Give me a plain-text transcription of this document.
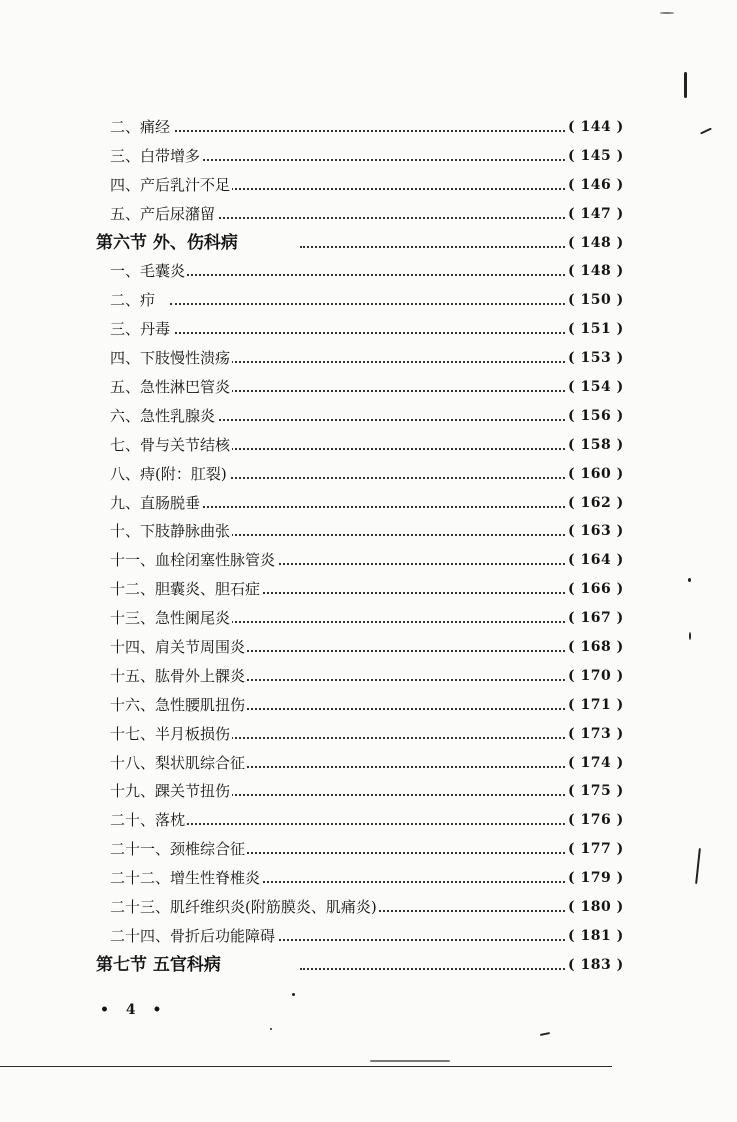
二、痛经	( 144 )
三、白带增多	( 145 )
四、产后乳汁不足	( 146 )
五、产后尿潴留	( 147 )
第六节 外、伤科病	( 148 )
一、毛囊炎	( 148 )
二、疖	( 150 )
三、丹毒	( 151 )
四、下肢慢性溃疡	( 153 )
五、急性淋巴管炎	( 154 )
六、急性乳腺炎	( 156 )
七、骨与关节结核	( 158 )
八、痔(附：肛裂)	( 160 )
九、直肠脱垂	( 162 )
十、下肢静脉曲张	( 163 )
十一、血栓闭塞性脉管炎	( 164 )
十二、胆囊炎、胆石症	( 166 )
十三、急性阑尾炎	( 167 )
十四、肩关节周围炎	( 168 )
十五、肱骨外上髁炎	( 170 )
十六、急性腰肌扭伤	( 171 )
十七、半月板损伤	( 173 )
十八、梨状肌综合征	( 174 )
十九、踝关节扭伤	( 175 )
二十、落枕	( 176 )
二十一、颈椎综合征	( 177 )
二十二、增生性脊椎炎	( 179 )
二十三、肌纤维织炎(附筋膜炎、肌痛炎)	( 180 )
二十四、骨折后功能障碍	( 181 )
第七节 五官科病	( 183 )
• 4 •
